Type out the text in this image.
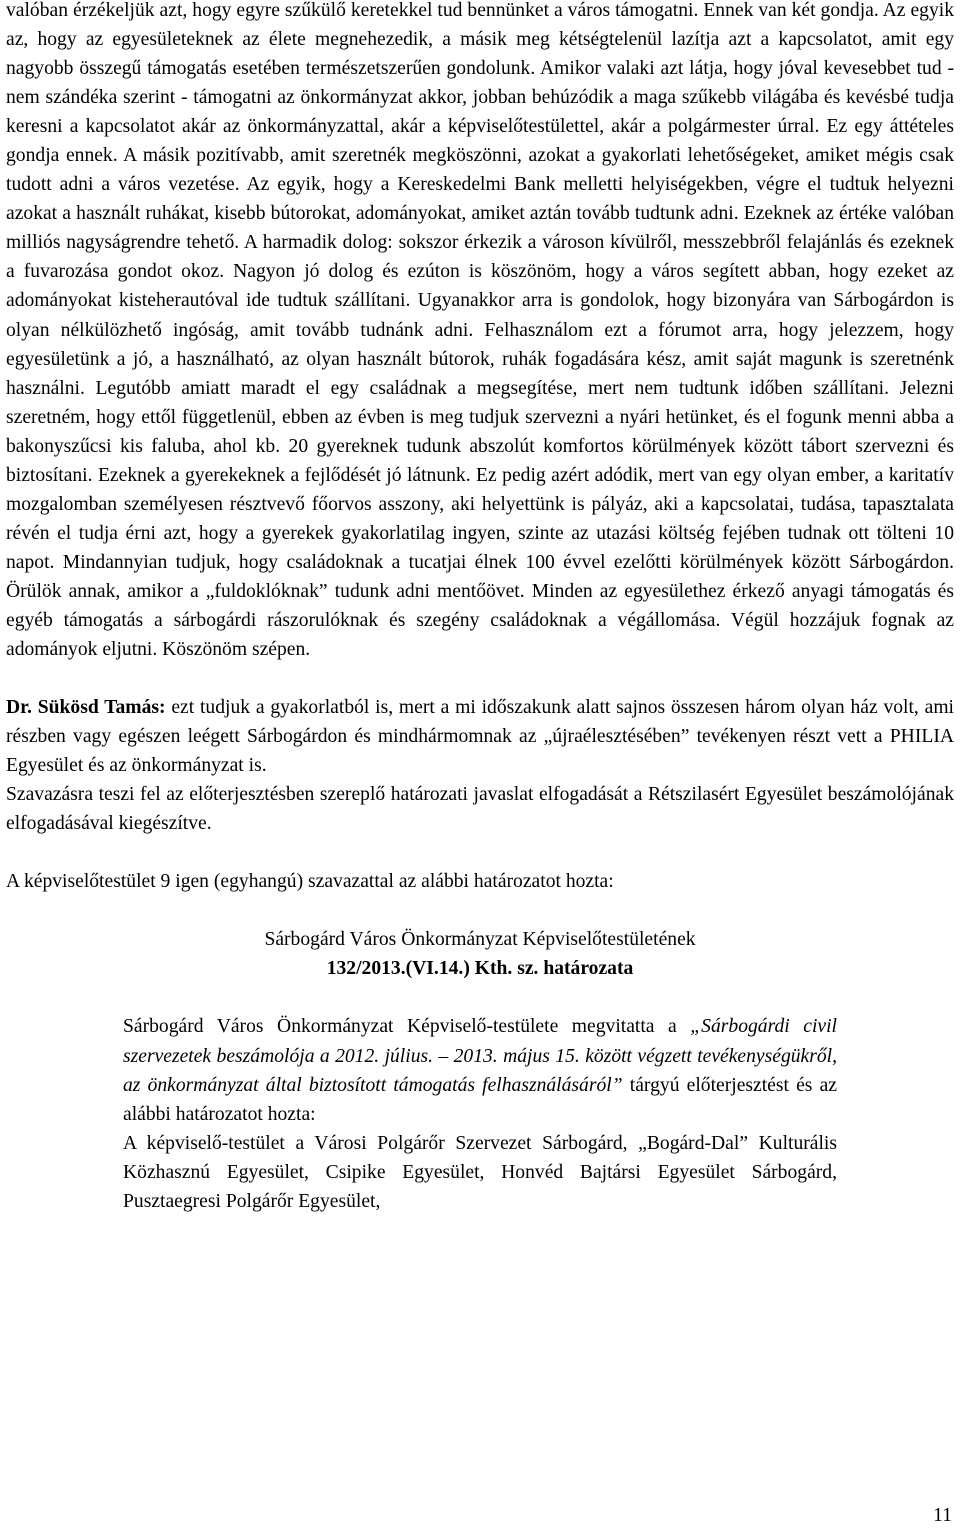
valóban érzékeljük azt, hogy egyre szűkülő keretekkel tud bennünket a város támogatni. Ennek van két gondja. Az egyik az, hogy az egyesületeknek az élete megnehezedik, a másik meg kétségtelenül lazítja azt a kapcsolatot, amit egy nagyobb összegű támogatás esetében természetszerűen gondolunk. Amikor valaki azt látja, hogy jóval kevesebbet tud - nem szándéka szerint - támogatni az önkormányzat akkor, jobban behúzódik a maga szűkebb világába és kevésbé tudja keresni a kapcsolatot akár az önkormányzattal, akár a képviselőtestülettel, akár a polgármester úrral. Ez egy áttételes gondja ennek. A másik pozitívabb, amit szeretnék megköszönni, azokat a gyakorlati lehetőségeket, amiket mégis csak tudott adni a város vezetése. Az egyik, hogy a Kereskedelmi Bank melletti helyiségekben, végre el tudtuk helyezni azokat a használt ruhákat, kisebb bútorokat, adományokat, amiket aztán tovább tudtunk adni. Ezeknek az értéke valóban milliós nagyságrendre tehető. A harmadik dolog: sokszor érkezik a városon kívülről, messzebbről felajánlás és ezeknek a fuvarozása gondot okoz. Nagyon jó dolog és ezúton is köszönöm, hogy a város segített abban, hogy ezeket az adományokat kisteherautóval ide tudtuk szállítani. Ugyanakkor arra is gondolok, hogy bizonyára van Sárbogárdon is olyan nélkülözhető ingóság, amit tovább tudnánk adni. Felhasználom ezt a fórumot arra, hogy jelezzem, hogy egyesületünk a jó, a használható, az olyan használt bútorok, ruhák fogadására kész, amit saját magunk is szeretnénk használni. Legutóbb amiatt maradt el egy családnak a megsegítése, mert nem tudtunk időben szállítani. Jelezni szeretném, hogy ettől függetlenül, ebben az évben is meg tudjuk szervezni a nyári hetünket, és el fogunk menni abba a bakonyszűcsi kis faluba, ahol kb. 20 gyereknek tudunk abszolút komfortos körülmények között tábort szervezni és biztosítani. Ezeknek a gyerekeknek a fejlődését jó látnunk. Ez pedig azért adódik, mert van egy olyan ember, a karitatív mozgalomban személyesen résztvevő főorvos asszony, aki helyettünk is pályáz, aki a kapcsolatai, tudása, tapasztalata révén el tudja érni azt, hogy a gyerekek gyakorlatilag ingyen, szinte az utazási költség fejében tudnak ott tölteni 10 napot. Mindannyian tudjuk, hogy családoknak a tucatjai élnek 100 évvel ezelőtti körülmények között Sárbogárdon. Örülök annak, amikor a „fuldoklóknak” tudunk adni mentőövet. Minden az egyesülethez érkező anyagi támogatás és egyéb támogatás a sárbogárdi rászorulóknak és szegény családoknak a végállomása. Végül hozzájuk fognak az adományok eljutni. Köszönöm szépen.

Dr. Sükösd Tamás: ezt tudjuk a gyakorlatból is, mert a mi időszakunk alatt sajnos összesen három olyan ház volt, ami részben vagy egészen leégett Sárbogárdon és mindhármomnak az „újraélesztésében” tevékenyen részt vett a PHILIA Egyesület és az önkormányzat is.

Szavazásra teszi fel az előterjesztésben szereplő határozati javaslat elfogadását a Rétszilasért Egyesület beszámolójának elfogadásával kiegészítve.

A képviselőtestület 9 igen (egyhangú) szavazattal az alábbi határozatot hozta:

Sárbogárd Város Önkormányzat Képviselőtestületének

132/2013.(VI.14.) Kth. sz. határozata

Sárbogárd Város Önkormányzat Képviselő-testülete megvitatta a „Sárbogárdi civil szervezetek beszámolója a 2012. július. – 2013. május 15. között végzett tevékenységükről, az önkormányzat által biztosított támogatás felhasználásáról” tárgyú előterjesztést és az alábbi határozatot hozta:

A képviselő-testület a Városi Polgárőr Szervezet Sárbogárd, „Bogárd-Dal” Kulturális Közhasznú Egyesület, Csipike Egyesület, Honvéd Bajtársi Egyesület Sárbogárd, Pusztaegresi Polgárőr Egyesület,

11
